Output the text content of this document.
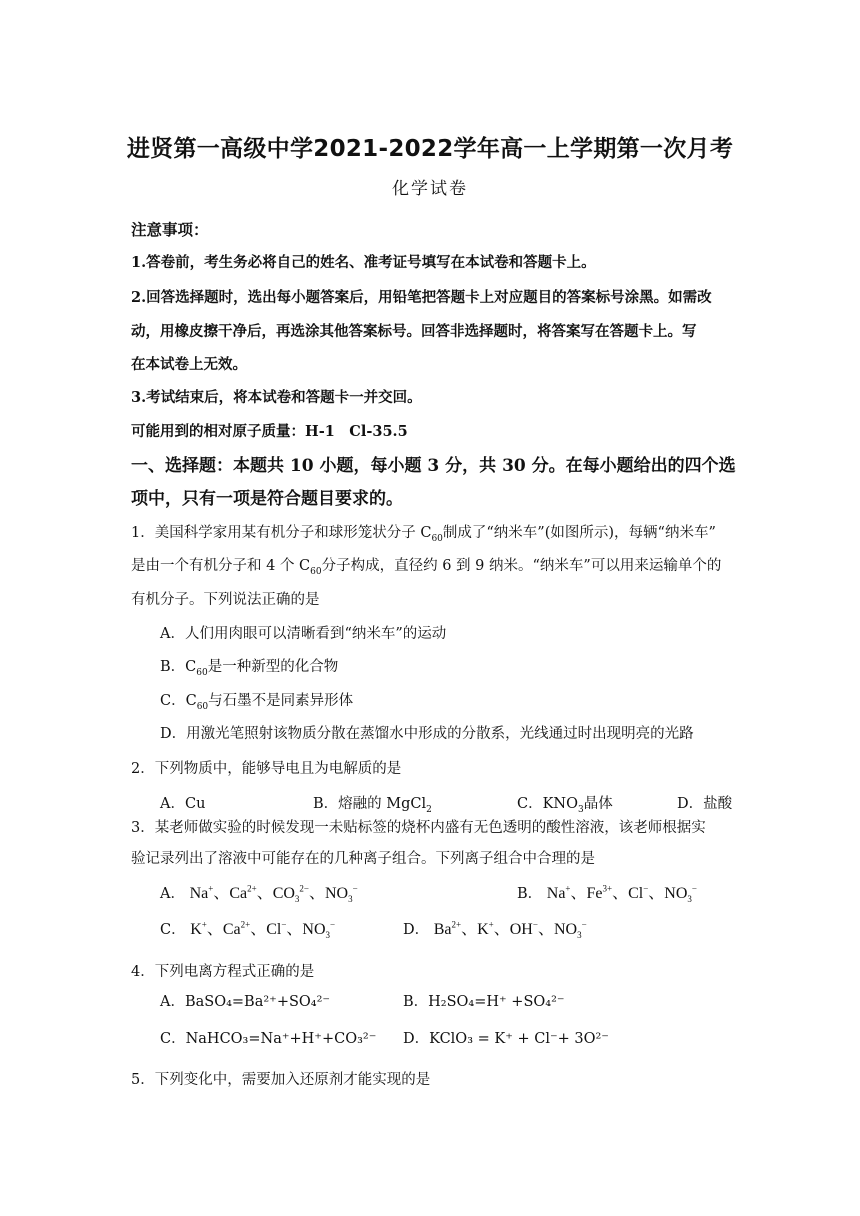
进贤第一高级中学2021-2022学年高一上学期第一次月考
化学试卷
注意事项：
1.答卷前，考生务必将自己的姓名、准考证号填写在本试卷和答题卡上。
2.回答选择题时，选出每小题答案后，用铅笔把答题卡上对应题目的答案标号涂黑。如需改
动，用橡皮擦干净后，再选涂其他答案标号。回答非选择题时，将答案写在答题卡上。写
在本试卷上无效。
3.考试结束后，将本试卷和答题卡一并交回。
可能用到的相对原子质量：H-1　Cl-35.5
一、选择题：本题共 10 小题，每小题 3 分，共 30 分。在每小题给出的四个选
项中，只有一项是符合题目要求的。
1．美国科学家用某有机分子和球形笼状分子 $C_{60}$制成了“纳米车”(如图所示)，每辆“纳米车”
是由一个有机分子和 4 个 $C_{60}$分子构成，直径约 6 到 9 纳米。“纳米车”可以用来运输单个的
有机分子。下列说法正确的是
A．人们用肉眼可以清晰看到“纳米车”的运动
B．$C_{60}$是一种新型的化合物
C．$C_{60}$与石墨不是同素异形体
D．用激光笔照射该物质分散在蒸馏水中形成的分散系，光线通过时出现明亮的光路
2．下列物质中，能够导电且为电解质的是
A．Cu	B．熔融的 MgCl$_2$	C．$KNO_3$晶体	D．盐酸
3．某老师做实验的时候发现一未贴标签的烧杯内盛有无色透明的酸性溶液，该老师根据实
验记录列出了溶液中可能存在的几种离子组合。下列离子组合中合理的是
A． Na+、$Ca^{2+}$、$CO_3^{2-}$、$NO_3^-$	B． Na+、$Fe^{3+}$、Cl−、$NO_3^-$
C． K+、$Ca^{2+}$、Cl−、$NO_3^-$	D． $Ba^{2+}$、K+、OH−、$NO_3^-$
4．下列电离方程式正确的是
A．BaSO₄=Ba²⁺+SO₄²⁻	B．H₂SO₄=H⁺ +SO₄²⁻
C．NaHCO₃=Na⁺+H⁺+CO₃²⁻ D．KClO₃ = K⁺ + Cl⁻+ 3O²⁻
5．下列变化中，需要加入还原剂才能实现的是
